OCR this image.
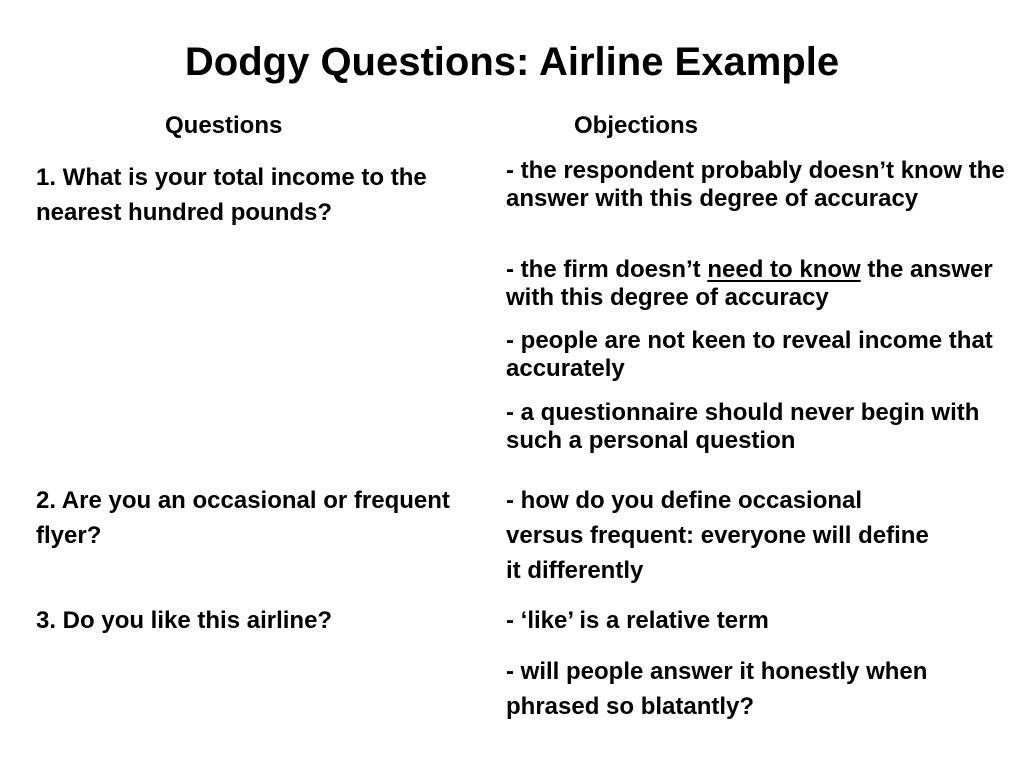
Dodgy Questions: Airline Example
Questions	Objections
1. What is your total income to the nearest hundred pounds?
- the respondent probably doesn’t know the answer with this degree of accuracy
- the firm doesn’t need to know the answer with this degree of accuracy
- people are not keen to reveal income that accurately
- a questionnaire should never begin with such a personal question
2. Are you an occasional or frequent flyer?
- how do you define occasional versus frequent: everyone will define it differently
3. Do you like this airline?	- ‘like’ is a relative term
- will people answer it honestly when phrased so blatantly?
